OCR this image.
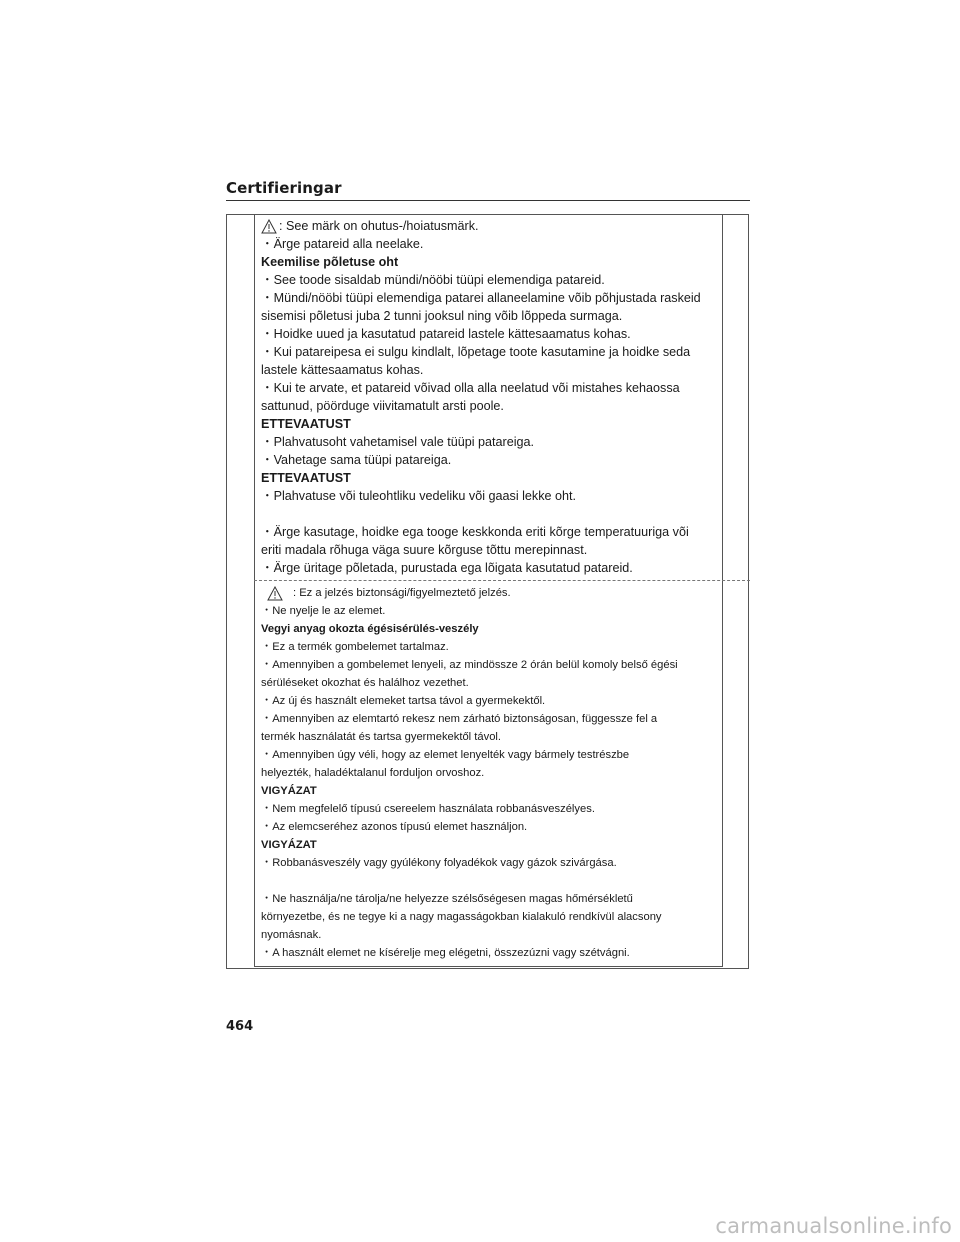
Certifieringar
: See märk on ohutus-/hoiatusmärk.
・Ärge patareid alla neelake.
Keemilise põletuse oht
・See toode sisaldab mündi/nööbi tüüpi elemendiga patareid.
・Mündi/nööbi tüüpi elemendiga patarei allaneelamine võib põhjustada raskeid
sisemisi põletusi juba 2 tunni jooksul ning võib lõppeda surmaga.
・Hoidke uued ja kasutatud patareid lastele kättesaamatus kohas.
・Kui patareipesa ei sulgu kindlalt, lõpetage toote kasutamine ja hoidke seda
lastele kättesaamatus kohas.
・Kui te arvate, et patareid võivad olla alla neelatud või mistahes kehaossa
sattunud, pöörduge viivitamatult arsti poole.
ETTEVAATUST
・Plahvatusoht vahetamisel vale tüüpi patareiga.
・Vahetage sama tüüpi patareiga.
ETTEVAATUST
・Plahvatuse või tuleohtliku vedeliku või gaasi lekke oht.
・Ärge kasutage, hoidke ega tooge keskkonda eriti kõrge temperatuuriga või
eriti madala rõhuga väga suure kõrguse tõttu merepinnast.
・Ärge üritage põletada, purustada ega lõigata kasutatud patareid.
: Ez a jelzés biztonsági/figyelmeztető jelzés.
・Ne nyelje le az elemet.
Vegyi anyag okozta égésisérülés-veszély
・Ez a termék gombelemet tartalmaz.
・Amennyiben a gombelemet lenyeli, az mindössze 2 órán belül komoly belső égési
sérüléseket okozhat és halálhoz vezethet.
・Az új és használt elemeket tartsa távol a gyermekektől.
・Amennyiben az elemtartó rekesz nem zárható biztonságosan, függessze fel a
termék használatát és tartsa gyermekektől távol.
・Amennyiben úgy véli, hogy az elemet lenyelték vagy bármely testrészbe
helyezték, haladéktalanul forduljon orvoshoz.
VIGYÁZAT
・Nem megfelelő típusú csereelem használata robbanásveszélyes.
・Az elemcseréhez azonos típusú elemet használjon.
VIGYÁZAT
・Robbanásveszély vagy gyúlékony folyadékok vagy gázok szivárgása.
・Ne használja/ne tárolja/ne helyezze szélsőségesen magas hőmérsékletű
környezetbe, és ne tegye ki a nagy magasságokban kialakuló rendkívül alacsony
nyomásnak.
・A használt elemet ne kísérelje meg elégetni, összezúzni vagy szétvágni.
464
carmanualsonline.info
